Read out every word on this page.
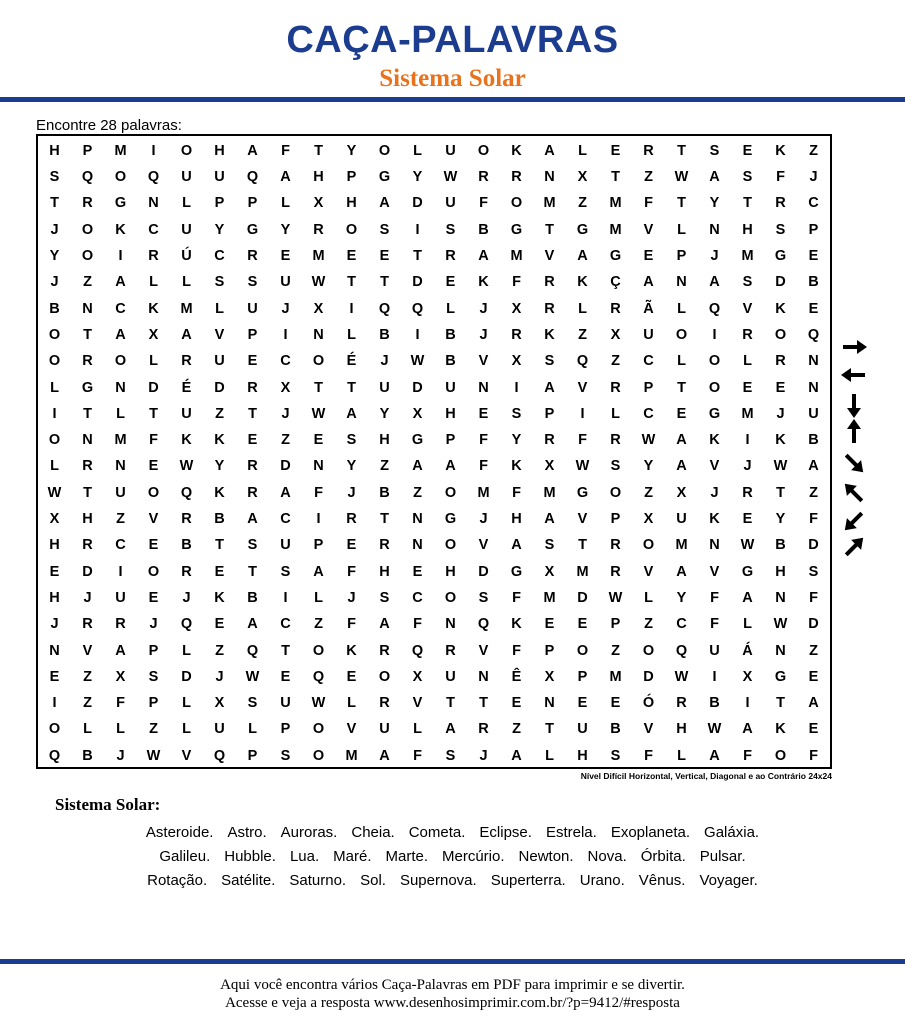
CAÇA-PALAVRAS
Sistema Solar
Encontre 28 palavras:
H	P	M	I	O	H	A	F	T	Y	O	L	U	O	K	A	L	E	R	T	S	E	K	Z
S	Q	O	Q	U	U	Q	A	H	P	G	Y	W	R	R	N	X	T	Z	W	A	S	F	J
T	R	G	N	L	P	P	L	X	H	A	D	U	F	O	M	Z	M	F	T	Y	T	R	C
J	O	K	C	U	Y	G	Y	R	O	S	I	S	B	G	T	G	M	V	L	N	H	S	P
Y	O	I	R	Ú	C	R	E	M	E	E	T	R	A	M	V	A	G	E	P	J	M	G	E
J	Z	A	L	L	S	S	U	W	T	T	D	E	K	F	R	K	Ç	A	N	A	S	D	B
B	N	C	K	M	L	U	J	X	I	Q	Q	L	J	X	R	L	R	Ã	L	Q	V	K	E
O	T	A	X	A	V	P	I	N	L	B	I	B	J	R	K	Z	X	U	O	I	R	O	Q
O	R	O	L	R	U	E	C	O	É	J	W	B	V	X	S	Q	Z	C	L	O	L	R	N
L	G	N	D	É	D	R	X	T	T	U	D	U	N	I	A	V	R	P	T	O	E	E	N
I	T	L	T	U	Z	T	J	W	A	Y	X	H	E	S	P	I	L	C	E	G	M	J	U
O	N	M	F	K	K	E	Z	E	S	H	G	P	F	Y	R	F	R	W	A	K	I	K	B
L	R	N	E	W	Y	R	D	N	Y	Z	A	A	F	K	X	W	S	Y	A	V	J	W	A
W	T	U	O	Q	K	R	A	F	J	B	Z	O	M	F	M	G	O	Z	X	J	R	T	Z
X	H	Z	V	R	B	A	C	I	R	T	N	G	J	H	A	V	P	X	U	K	E	Y	F
H	R	C	E	B	T	S	U	P	E	R	N	O	V	A	S	T	R	O	M	N	W	B	D
E	D	I	O	R	E	T	S	A	F	H	E	H	D	G	X	M	R	V	A	V	G	H	S
H	J	U	E	J	K	B	I	L	J	S	C	O	S	F	M	D	W	L	Y	F	A	N	F
J	R	R	J	Q	E	A	C	Z	F	A	F	N	Q	K	E	E	P	Z	C	F	L	W	D
N	V	A	P	L	Z	Q	T	O	K	R	Q	R	V	F	P	O	Z	O	Q	U	Á	N	Z
E	Z	X	S	D	J	W	E	Q	E	O	X	U	N	Ê	X	P	M	D	W	I	X	G	E
I	Z	F	P	L	X	S	U	W	L	R	V	T	T	E	N	E	E	Ó	R	B	I	T	A
O	L	L	Z	L	U	L	P	O	V	U	L	A	R	Z	T	U	B	V	H	W	A	K	E
Q	B	J	W	V	Q	P	S	O	M	A	F	S	J	A	L	H	S	F	L	A	F	O	F
Nível Difícil Horizontal, Vertical, Diagonal e ao Contrário 24x24
Sistema Solar:
Asteroide. Astro. Auroras. Cheia. Cometa. Eclipse. Estrela. Exoplaneta. Galáxia.
Galileu. Hubble. Lua. Maré. Marte. Mercúrio. Newton. Nova. Órbita. Pulsar.
Rotação. Satélite. Saturno. Sol. Supernova. Superterra. Urano. Vênus. Voyager.
Aqui você encontra vários Caça-Palavras em PDF para imprimir e se divertir.
Acesse e veja a resposta www.desenhosimprimir.com.br/?p=9412/#resposta
